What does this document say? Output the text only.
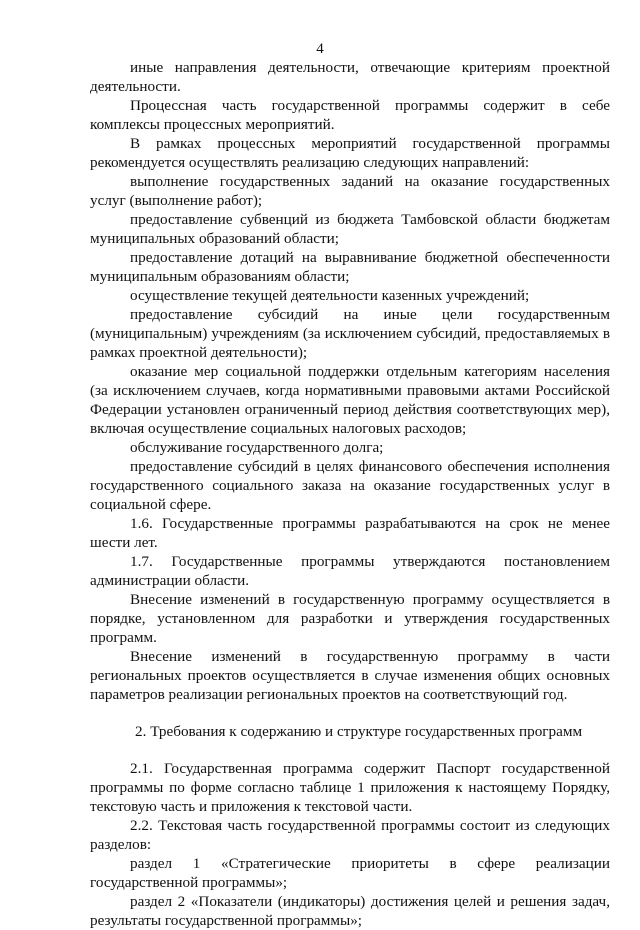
4

иные направления деятельности, отвечающие критериям проектной деятельности.

Процессная часть государственной программы содержит в себе комплексы процессных мероприятий.

В рамках процессных мероприятий государственной программы рекомендуется осуществлять реализацию следующих направлений:

выполнение государственных заданий на оказание государственных услуг (выполнение работ);

предоставление субвенций из бюджета Тамбовской области бюджетам муниципальных образований области;

предоставление дотаций на выравнивание бюджетной обеспеченности муниципальным образованиям области;

осуществление текущей деятельности казенных учреждений;

предоставление субсидий на иные цели государственным (муниципальным) учреждениям (за исключением субсидий, предоставляемых в рамках проектной деятельности);

оказание мер социальной поддержки отдельным категориям населения (за исключением случаев, когда нормативными правовыми актами Российской Федерации установлен ограниченный период действия соответствующих мер), включая осуществление социальных налоговых расходов;

обслуживание государственного долга;

предоставление субсидий в целях финансового обеспечения исполнения государственного социального заказа на оказание государственных услуг в социальной сфере.

1.6. Государственные программы разрабатываются на срок не менее шести лет.

1.7. Государственные программы утверждаются постановлением администрации области.

Внесение изменений в государственную программу осуществляется в порядке, установленном для разработки и утверждения государственных программ.

Внесение изменений в государственную программу в части региональных проектов осуществляется в случае изменения общих основных параметров реализации региональных проектов на соответствующий год.

2. Требования к содержанию и структуре государственных программ

2.1. Государственная программа содержит Паспорт государственной программы по форме согласно таблице 1 приложения к настоящему Порядку, текстовую часть и приложения к текстовой части.

2.2. Текстовая часть государственной программы состоит из следующих разделов:

раздел 1 «Стратегические приоритеты в сфере реализации государственной программы»;

раздел 2 «Показатели (индикаторы) достижения целей и решения задач, результаты государственной программы»;
